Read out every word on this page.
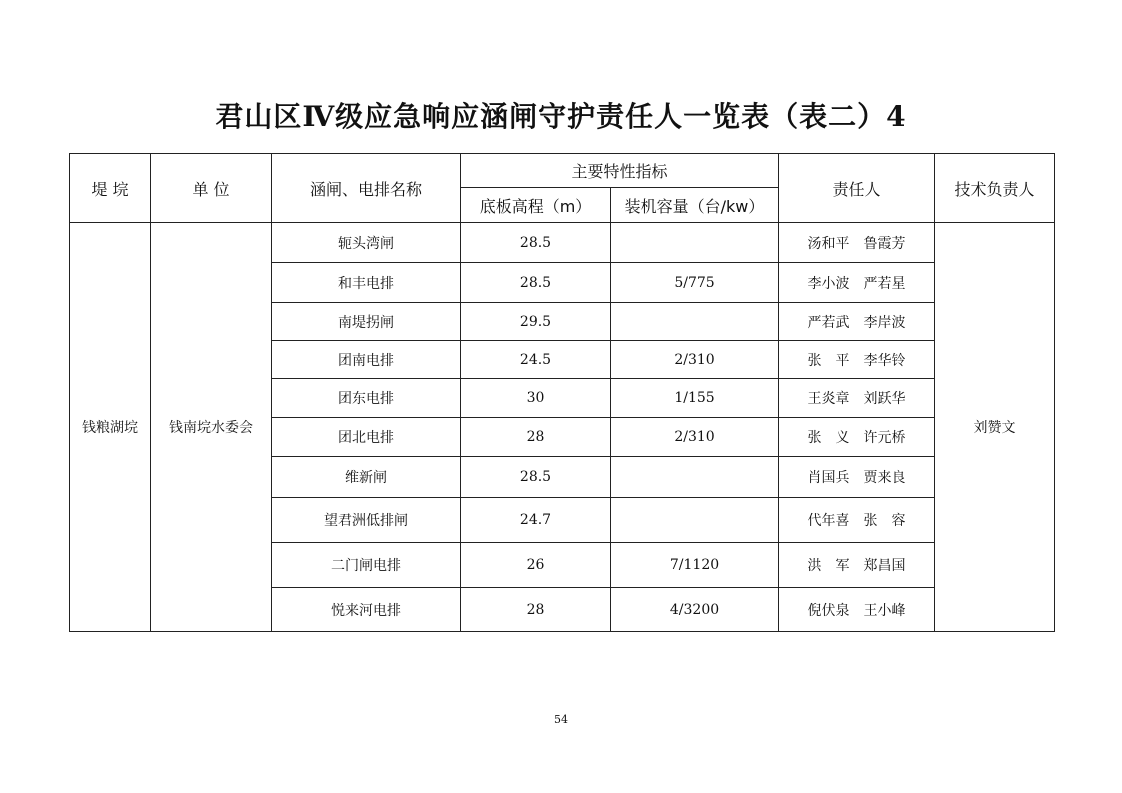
君山区Ⅳ级应急响应涵闸守护责任人一览表（表二）4
堤 垸	单 位	涵闸、电排名称	主要特性指标		责任人	技术负责人
			底板高程（m）	装机容量（台/kw）		
钱粮湖垸	钱南垸水委会	轭头湾闸	28.5		汤和平　鲁霞芳	刘赞文
		和丰电排	28.5	5/775	李小波　严若星	
		南堤拐闸	29.5		严若武　李岸波	
		团南电排	24.5	2/310	张　平　李华铃	
		团东电排	30	1/155	王炎章　刘跃华	
		团北电排	28	2/310	张　义　许元桥	
		维新闸	28.5		肖国兵　贾来良	
		望君洲低排闸	24.7		代年喜　张　容	
		二门闸电排	26	7/1120	洪　军　郑昌国	
		悦来河电排	28	4/3200	倪伏泉　王小峰	
54
